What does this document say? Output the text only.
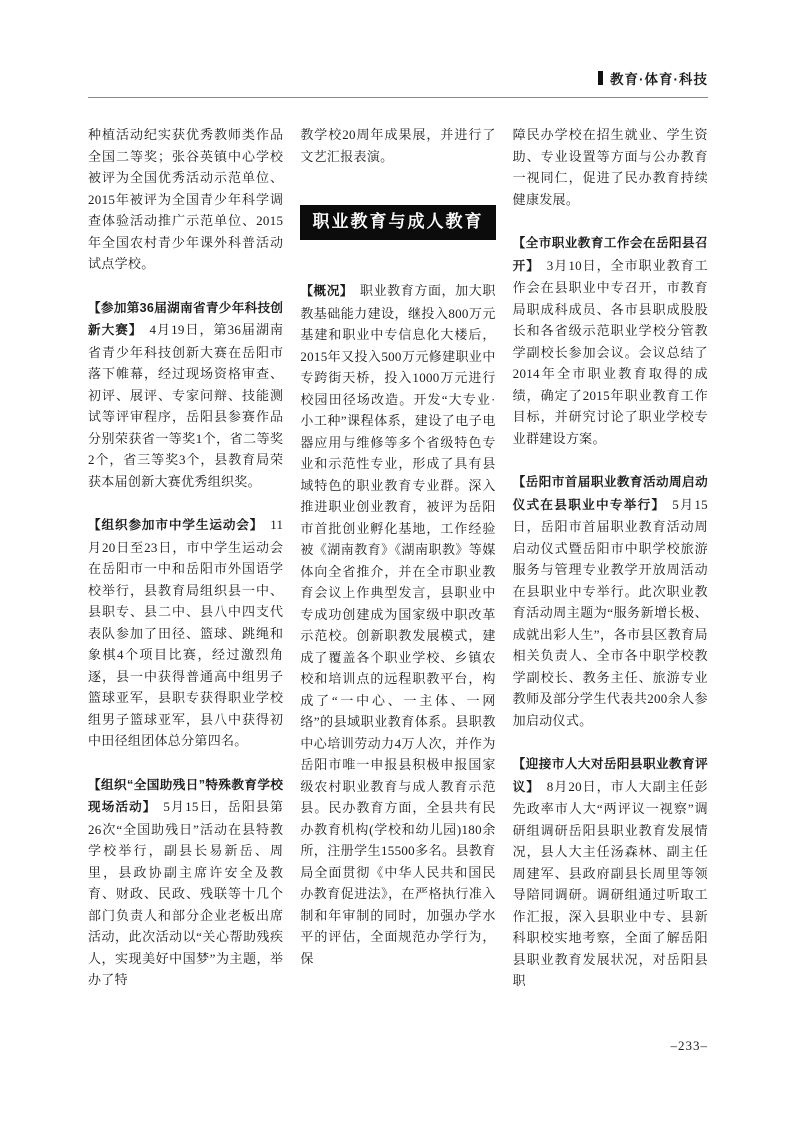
教育·体育·科技

种植活动纪实获优秀教师类作品全国二等奖；张谷英镇中心学校被评为全国优秀活动示范单位、2015年被评为全国青少年科学调查体验活动推广示范单位、2015年全国农村青少年课外科普活动试点学校。

【参加第36届湖南省青少年科技创新大赛】 4月19日，第36届湖南省青少年科技创新大赛在岳阳市落下帷幕，经过现场资格审查、初评、展评、专家问辩、技能测试等评审程序，岳阳县参赛作品分别荣获省一等奖1个，省二等奖2个，省三等奖3个，县教育局荣获本届创新大赛优秀组织奖。

【组织参加市中学生运动会】 11月20日至23日，市中学生运动会在岳阳市一中和岳阳市外国语学校举行，县教育局组织县一中、县职专、县二中、县八中四支代表队参加了田径、篮球、跳绳和象棋4个项目比赛，经过激烈角逐，县一中获得普通高中组男子篮球亚军，县职专获得职业学校组男子篮球亚军，县八中获得初中田径组团体总分第四名。

【组织“全国助残日”特殊教育学校现场活动】 5月15日，岳阳县第26次“全国助残日”活动在县特教学校举行，副县长易新岳、周里，县政协副主席许安全及教育、财政、民政、残联等十几个部门负责人和部分企业老板出席活动，此次活动以“关心帮助残疾人，实现美好中国梦”为主题，举办了特

教学校20周年成果展，并进行了文艺汇报表演。

职业教育与成人教育

【概况】 职业教育方面，加大职教基础能力建设，继投入800万元基建和职业中专信息化大楼后，2015年又投入500万元修建职业中专跨街天桥，投入1000万元进行校园田径场改造。开发“大专业·小工种”课程体系，建设了电子电器应用与维修等多个省级特色专业和示范性专业，形成了具有县域特色的职业教育专业群。深入推进职业创业教育，被评为岳阳市首批创业孵化基地，工作经验被《湖南教育》《湖南职教》等媒体向全省推介，并在全市职业教育会议上作典型发言，县职业中专成功创建成为国家级中职改革示范校。创新职教发展模式，建成了覆盖各个职业学校、乡镇农校和培训点的远程职教平台，构成了“一中心、一主体、一网络”的县域职业教育体系。县职教中心培训劳动力4万人次，并作为岳阳市唯一申报县积极申报国家级农村职业教育与成人教育示范县。民办教育方面，全县共有民办教育机构(学校和幼儿园)180余所，注册学生15500多名。县教育局全面贯彻《中华人民共和国民办教育促进法》，在严格执行准入制和年审制的同时，加强办学水平的评估，全面规范办学行为，保

障民办学校在招生就业、学生资助、专业设置等方面与公办教育一视同仁，促进了民办教育持续健康发展。

【全市职业教育工作会在岳阳县召开】 3月10日，全市职业教育工作会在县职业中专召开，市教育局职成科成员、各市县职成股股长和各省级示范职业学校分管教学副校长参加会议。会议总结了2014年全市职业教育取得的成绩，确定了2015年职业教育工作目标，并研究讨论了职业学校专业群建设方案。

【岳阳市首届职业教育活动周启动仪式在县职业中专举行】 5月15日，岳阳市首届职业教育活动周启动仪式暨岳阳市中职学校旅游服务与管理专业教学开放周活动在县职业中专举行。此次职业教育活动周主题为“服务新增长极、成就出彩人生”，各市县区教育局相关负责人、全市各中职学校教学副校长、教务主任、旅游专业教师及部分学生代表共200余人参加启动仪式。

【迎接市人大对岳阳县职业教育评议】 8月20日，市人大副主任彭先政率市人大“两评议一视察”调研组调研岳阳县职业教育发展情况，县人大主任汤森林、副主任周建军、县政府副县长周里等领导陪同调研。调研组通过听取工作汇报，深入县职业中专、县新科职校实地考察，全面了解岳阳县职业教育发展状况，对岳阳县职

–233–
